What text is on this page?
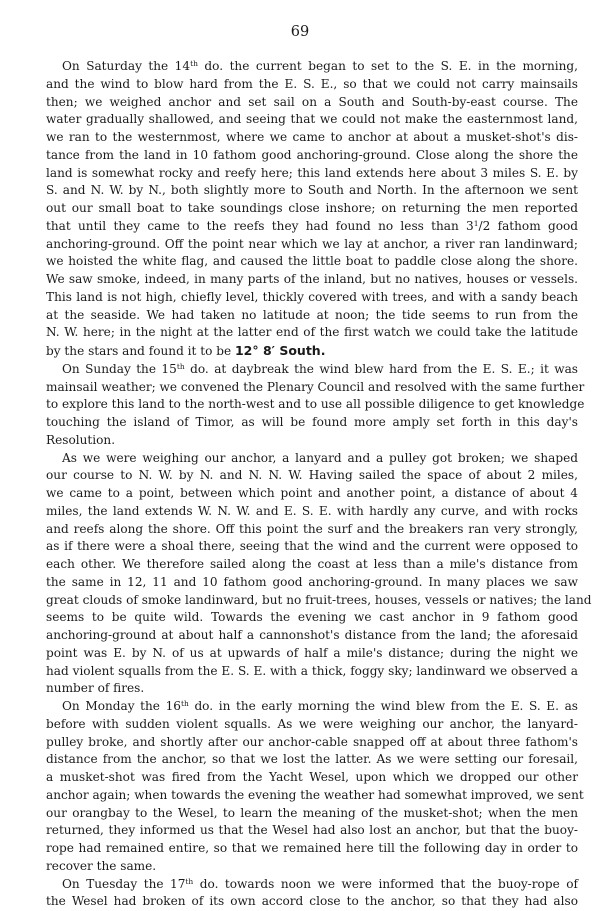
69
On Saturday the 14th do. the current began to set to the S. E. in the morning,
and the wind to blow hard from the E. S. E., so that we could not carry mainsails
then; we weighed anchor and set sail on a South and South-by-east course. The
water gradually shallowed, and seeing that we could not make the easternmost land,
we ran to the westernmost, where we came to anchor at about a musket-shot's dis-
tance from the land in 10 fathom good anchoring-ground. Close along the shore the
land is somewhat rocky and reefy here; this land extends here about 3 miles S. E. by
S. and N. W. by N., both slightly more to South and North. In the afternoon we sent
out our small boat to take soundings close inshore; on returning the men reported
that until they came to the reefs they had found no less than $3^1/2$ fathom good
anchoring-ground. Off the point near which we lay at anchor, a river ran landinward;
we hoisted the white flag, and caused the little boat to paddle close along the shore.
We saw smoke, indeed, in many parts of the inland, but no natives, houses or vessels.
This land is not high, chiefly level, thickly covered with trees, and with a sandy beach
at the seaside. We had taken no latitude at noon; the tide seems to run from the
N. W. here; in the night at the latter end of the first watch we could take the latitude
by the stars and found it to be 12° 8′ South.
On Sunday the 15th do. at daybreak the wind blew hard from the E. S. E.; it was
mainsail weather; we convened the Plenary Council and resolved with the same further
to explore this land to the north-west and to use all possible diligence to get knowledge
touching the island of Timor, as will be found more amply set forth in this day's
Resolution.
As we were weighing our anchor, a lanyard and a pulley got broken; we shaped
our course to N. W. by N. and N. N. W. Having sailed the space of about 2 miles,
we came to a point, between which point and another point, a distance of about 4
miles, the land extends W. N. W. and E. S. E. with hardly any curve, and with rocks
and reefs along the shore. Off this point the surf and the breakers ran very strongly,
as if there were a shoal there, seeing that the wind and the current were opposed to
each other. We therefore sailed along the coast at less than a mile's distance from
the same in 12, 11 and 10 fathom good anchoring-ground. In many places we saw
great clouds of smoke landinward, but no fruit-trees, houses, vessels or natives; the land
seems to be quite wild. Towards the evening we cast anchor in 9 fathom good
anchoring-ground at about half a cannonshot's distance from the land; the aforesaid
point was E. by N. of us at upwards of half a mile's distance; during the night we
had violent squalls from the E. S. E. with a thick, foggy sky; landinward we observed a
number of fires.
On Monday the 16th do. in the early morning the wind blew from the E. S. E. as
before with sudden violent squalls. As we were weighing our anchor, the lanyard-
pulley broke, and shortly after our anchor-cable snapped off at about three fathom's
distance from the anchor, so that we lost the latter. As we were setting our foresail,
a musket-shot was fired from the Yacht Wesel, upon which we dropped our other
anchor again; when towards the evening the weather had somewhat improved, we sent
our orangbay to the Wesel, to learn the meaning of the musket-shot; when the men
returned, they informed us that the Wesel had also lost an anchor, but that the buoy-
rope had remained entire, so that we remained here till the following day in order to
recover the same.
On Tuesday the 17th do. towards noon we were informed that the buoy-rope of
the Wesel had broken of its own accord close to the anchor, so that they had also
